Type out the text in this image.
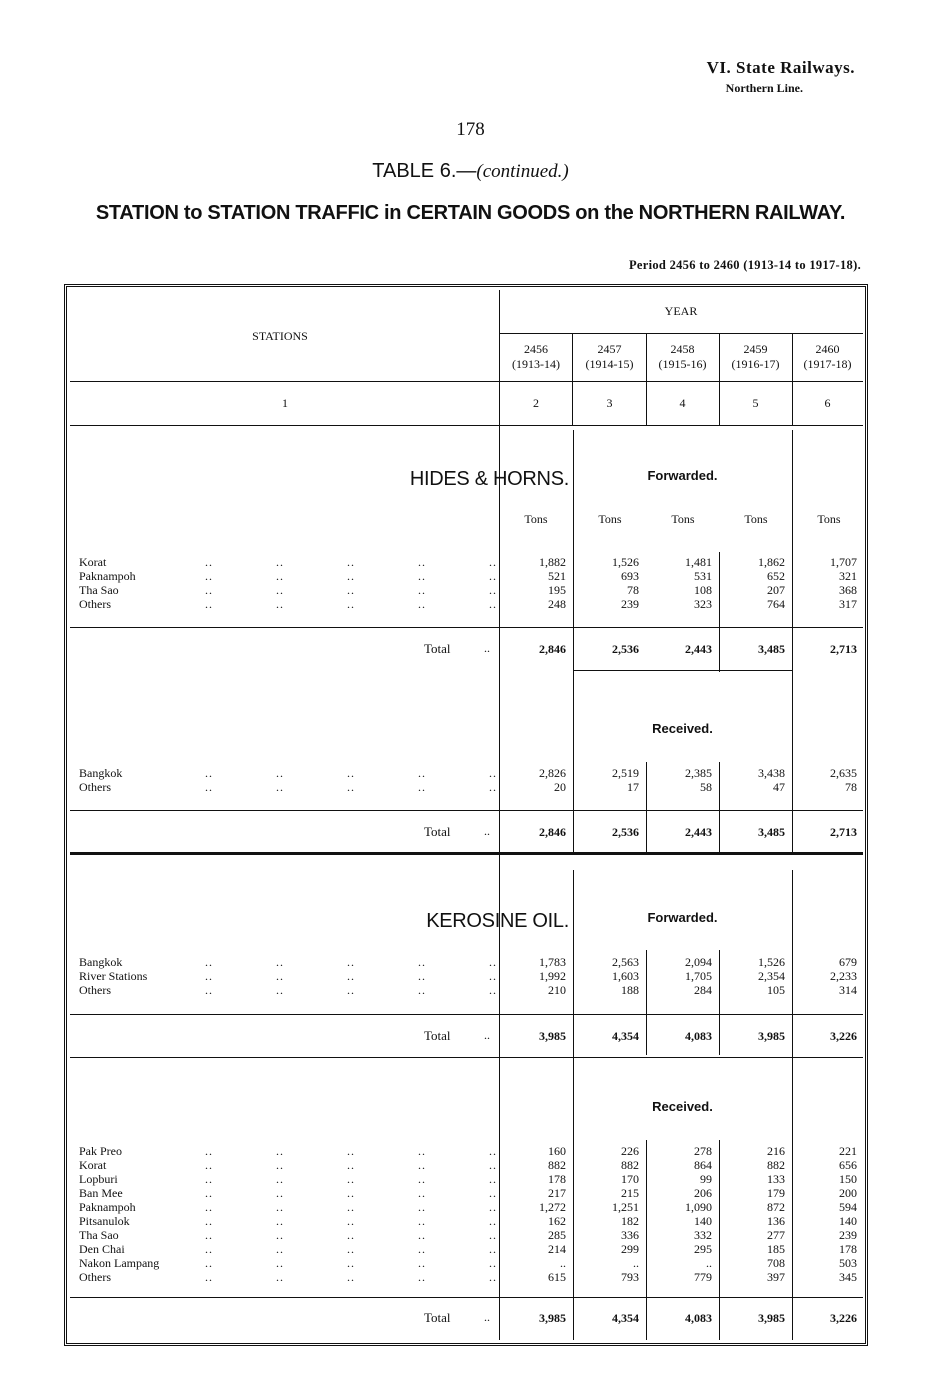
VI. State Railways.
Northern Line.
178
TABLE 6.—(continued.)
STATION to STATION TRAFFIC in CERTAIN GOODS on the NORTHERN RAILWAY.
Period 2456 to 2460 (1913-14 to 1917-18).
STATIONS
YEAR
2456
(1913-14)
2457
(1914-15)
2458
(1915-16)
2459
(1916-17)
2460
(1917-18)
1	2	3	4	5	6
HIDES & HORNS.	Forwarded.
Tons	Tons	Tons	Tons	Tons
Korat	..	..	..	..	..	1,882	1,526	1,481	1,862	1,707
Paknampoh	..	..	..	..	..	521	693	531	652	321
Tha Sao	..	..	..	..	..	195	78	108	207	368
Others	..	..	..	..	..	248	239	323	764	317
Total	..	2,846	2,536	2,443	3,485	2,713
Received.
Bangkok	..	..	..	..	..	2,826	2,519	2,385	3,438	2,635
Others	..	..	..	..	..	20	17	58	47	78
Total	..	2,846	2,536	2,443	3,485	2,713
KEROSINE OIL.	Forwarded.
Bangkok	..	..	..	..	..	1,783	2,563	2,094	1,526	679
River Stations	..	..	..	..	..	1,992	1,603	1,705	2,354	2,233
Others	..	..	..	..	..	210	188	284	105	314
Total	..	3,985	4,354	4,083	3,985	3,226
Received.
Pak Preo	..	..	..	..	..	160	226	278	216	221
Korat	..	..	..	..	..	882	882	864	882	656
Lopburi	..	..	..	..	..	178	170	99	133	150
Ban Mee	..	..	..	..	..	217	215	206	179	200
Paknampoh	..	..	..	..	..	1,272	1,251	1,090	872	594
Pitsanulok	..	..	..	..	..	162	182	140	136	140
Tha Sao	..	..	..	..	..	285	336	332	277	239
Den Chai	..	..	..	..	..	214	299	295	185	178
Nakon Lampang	..	..	..	..	..	..	..	..	708	503
Others	..	..	..	..	..	615	793	779	397	345
Total	..	3,985	4,354	4,083	3,985	3,226
